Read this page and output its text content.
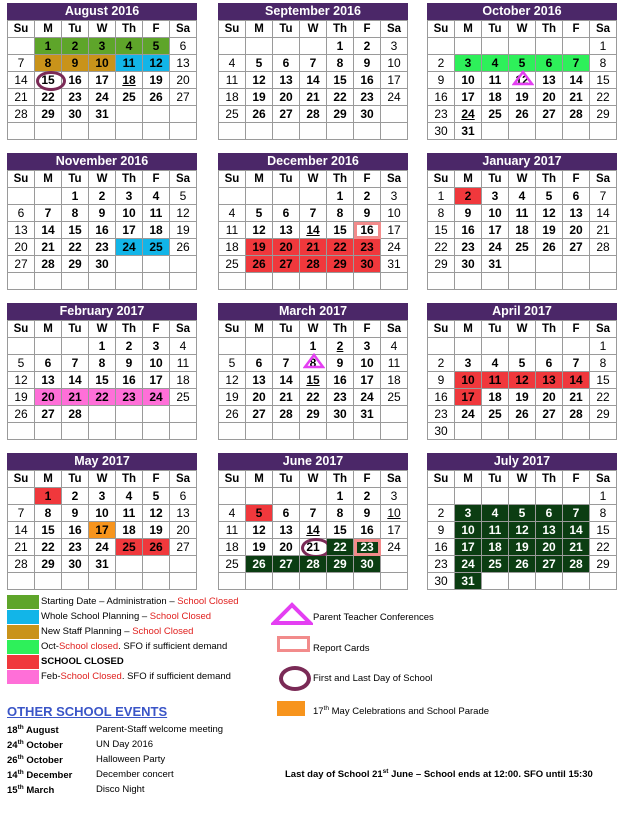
August 2016
Su	M	Tu	W	Th	F	Sa
	1	2	3	4	5	6
7	8	9	10	11	12	13
14	15	16	17	18	19	20
21	22	23	24	25	26	27
28	29	30	31			

September 2016
Su	M	Tu	W	Th	F	Sa
				1	2	3
4	5	6	7	8	9	10
11	12	13	14	15	16	17
18	19	20	21	22	23	24
25	26	27	28	29	30	

October 2016
Su	M	Tu	W	Th	F	Sa
						1
2	3	4	5	6	7	8
9	10	11	12	13	14	15
16	17	18	19	20	21	22
23	24	25	26	27	28	29
30	31					
November 2016
Su	M	Tu	W	Th	F	Sa
		1	2	3	4	5
6	7	8	9	10	11	12
13	14	15	16	17	18	19
20	21	22	23	24	25	26
27	28	29	30			

December 2016
Su	M	Tu	W	Th	F	Sa
				1	2	3
4	5	6	7	8	9	10
11	12	13	14	15	16	17
18	19	20	21	22	23	24
25	26	27	28	29	30	31

January 2017
Su	M	Tu	W	Th	F	Sa
1	2	3	4	5	6	7
8	9	10	11	12	13	14
15	16	17	18	19	20	21
22	23	24	25	26	27	28
29	30	31				

February 2017
Su	M	Tu	W	Th	F	Sa
			1	2	3	4
5	6	7	8	9	10	11
12	13	14	15	16	17	18
19	20	21	22	23	24	25
26	27	28				

March 2017
Su	M	Tu	W	Th	F	Sa
			1	2	3	4
5	6	7	8	9	10	11
12	13	14	15	16	17	18
19	20	21	22	23	24	25
26	27	28	29	30	31	

April 2017
Su	M	Tu	W	Th	F	Sa
						1
2	3	4	5	6	7	8
9	10	11	12	13	14	15
16	17	18	19	20	21	22
23	24	25	26	27	28	29
30						
May 2017
Su	M	Tu	W	Th	F	Sa
	1	2	3	4	5	6
7	8	9	10	11	12	13
14	15	16	17	18	19	20
21	22	23	24	25	26	27
28	29	30	31			

June 2017
Su	M	Tu	W	Th	F	Sa
				1	2	3
4	5	6	7	8	9	10
11	12	13	14	15	16	17
18	19	20	21	22	23	24
25	26	27	28	29	30	

July 2017
Su	M	Tu	W	Th	F	Sa
						1
2	3	4	5	6	7	8
9	10	11	12	13	14	15
16	17	18	19	20	21	22
23	24	25	26	27	28	29
30	31					
Starting Date – Administration – School Closed
Whole School Planning – School Closed
New Staff Planning – School Closed
Oct-School closed. SFO if sufficient demand
SCHOOL CLOSED
Feb-School Closed. SFO if sufficient demand
Parent Teacher Conferences
Report Cards
First and Last Day of School
17th May Celebrations and School Parade
OTHER SCHOOL EVENTS
18th August	Parent-Staff welcome meeting
24th October	UN Day 2016
26th October	Halloween Party
14th December December concert
15th March	Disco Night
Last day of School 21st June – School ends at 12:00. SFO until 15:30
